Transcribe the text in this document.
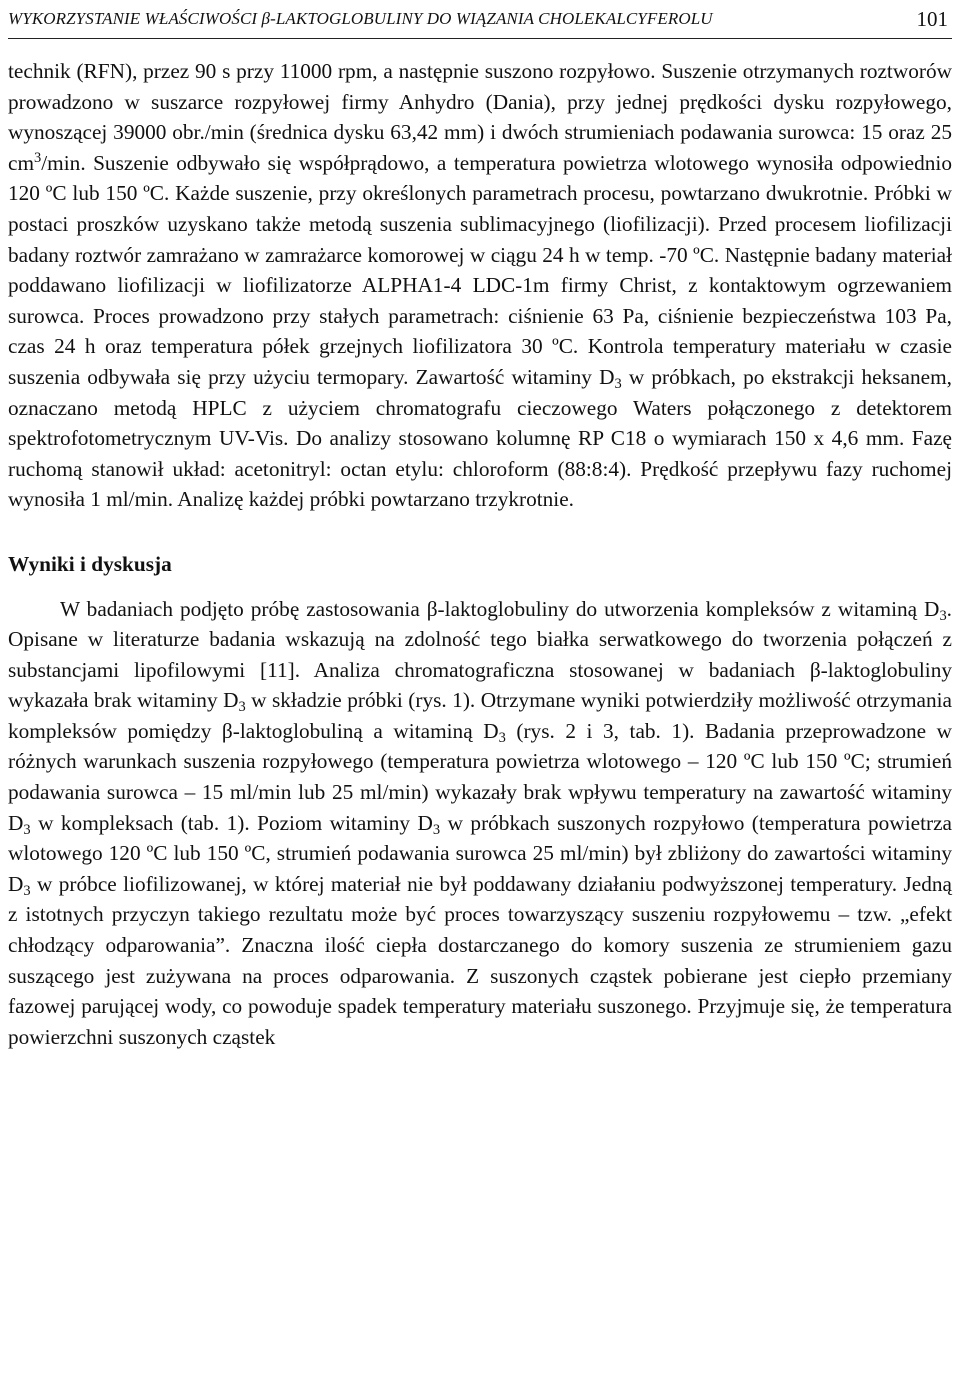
WYKORZYSTANIE WŁAŚCIWOŚCI β-LAKTOGLOBULINY DO WIĄZANIA CHOLEKALCYFEROLU	101

technik (RFN), przez 90 s przy 11000 rpm, a następnie suszono rozpyłowo. Suszenie otrzymanych roztworów prowadzono w suszarce rozpyłowej firmy Anhydro (Dania), przy jednej prędkości dysku rozpyłowego, wynoszącej 39000 obr./min (średnica dysku 63,42 mm) i dwóch strumieniach podawania surowca: 15 oraz 25 $cm^3/\min$. Suszenie odbywało się współprądowo, a temperatura powietrza wlotowego wynosiła odpowiednio 120 ºC lub 150 ºC. Każde suszenie, przy określonych parametrach procesu, powtarzano dwukrotnie. Próbki w postaci proszków uzyskano także metodą suszenia sublimacyjnego (liofilizacji). Przed procesem liofilizacji badany roztwór zamrażano w zamrażarce komorowej w ciągu 24 h w temp. -70 ºC. Następnie badany materiał poddawano liofilizacji w liofilizatorze ALPHA1-4 LDC-1m firmy Christ, z kontaktowym ogrzewaniem surowca. Proces prowadzono przy stałych parametrach: ciśnienie 63 Pa, ciśnienie bezpieczeństwa 103 Pa, czas 24 h oraz temperatura półek grzejnych liofilizatora 30 ºC. Kontrola temperatury materiału w czasie suszenia odbywała się przy użyciu termopary. Zawartość witaminy $D_3$ w próbkach, po ekstrakcji heksanem, oznaczano metodą HPLC z użyciem chromatografu cieczowego Waters połączonego z detektorem spektrofotometrycznym UV-Vis. Do analizy stosowano kolumnę RP C18 o wymiarach 150 x 4,6 mm. Fazę ruchomą stanowił układ: acetonitryl: octan etylu: chloroform (88:8:4). Prędkość przepływu fazy ruchomej wynosiła 1 ml/min. Analizę każdej próbki powtarzano trzykrotnie.

Wyniki i dyskusja

W badaniach podjęto próbę zastosowania β-laktoglobuliny do utworzenia kompleksów z witaminą $D_3$. Opisane w literaturze badania wskazują na zdolność tego białka serwatkowego do tworzenia połączeń z substancjami lipofilowymi [11]. Analiza chromatograficzna stosowanej w badaniach β-laktoglobuliny wykazała brak witaminy $D_3$ w składzie próbki (rys. 1). Otrzymane wyniki potwierdziły możliwość otrzymania kompleksów pomiędzy β-laktoglobuliną a witaminą $D_3$ (rys. 2 i 3, tab. 1). Badania przeprowadzone w różnych warunkach suszenia rozpyłowego (temperatura powietrza wlotowego – 120 ºC lub 150 ºC; strumień podawania surowca – 15 ml/min lub 25 ml/min) wykazały brak wpływu temperatury na zawartość witaminy $D_3$ w kompleksach (tab. 1). Poziom witaminy $D_3$ w próbkach suszonych rozpyłowo (temperatura powietrza wlotowego 120 ºC lub 150 ºC, strumień podawania surowca 25 ml/min) był zbliżony do zawartości witaminy $D_3$ w próbce liofilizowanej, w której materiał nie był poddawany działaniu podwyższonej temperatury. Jedną z istotnych przyczyn takiego rezultatu może być proces towarzyszący suszeniu rozpyłowemu – tzw. „efekt chłodzący odparowania”. Znaczna ilość ciepła dostarczanego do komory suszenia ze strumieniem gazu suszącego jest zużywana na proces odparowania. Z suszonych cząstek pobierane jest ciepło przemiany fazowej parującej wody, co powoduje spadek temperatury materiału suszonego. Przyjmuje się, że temperatura powierzchni suszonych cząstek
